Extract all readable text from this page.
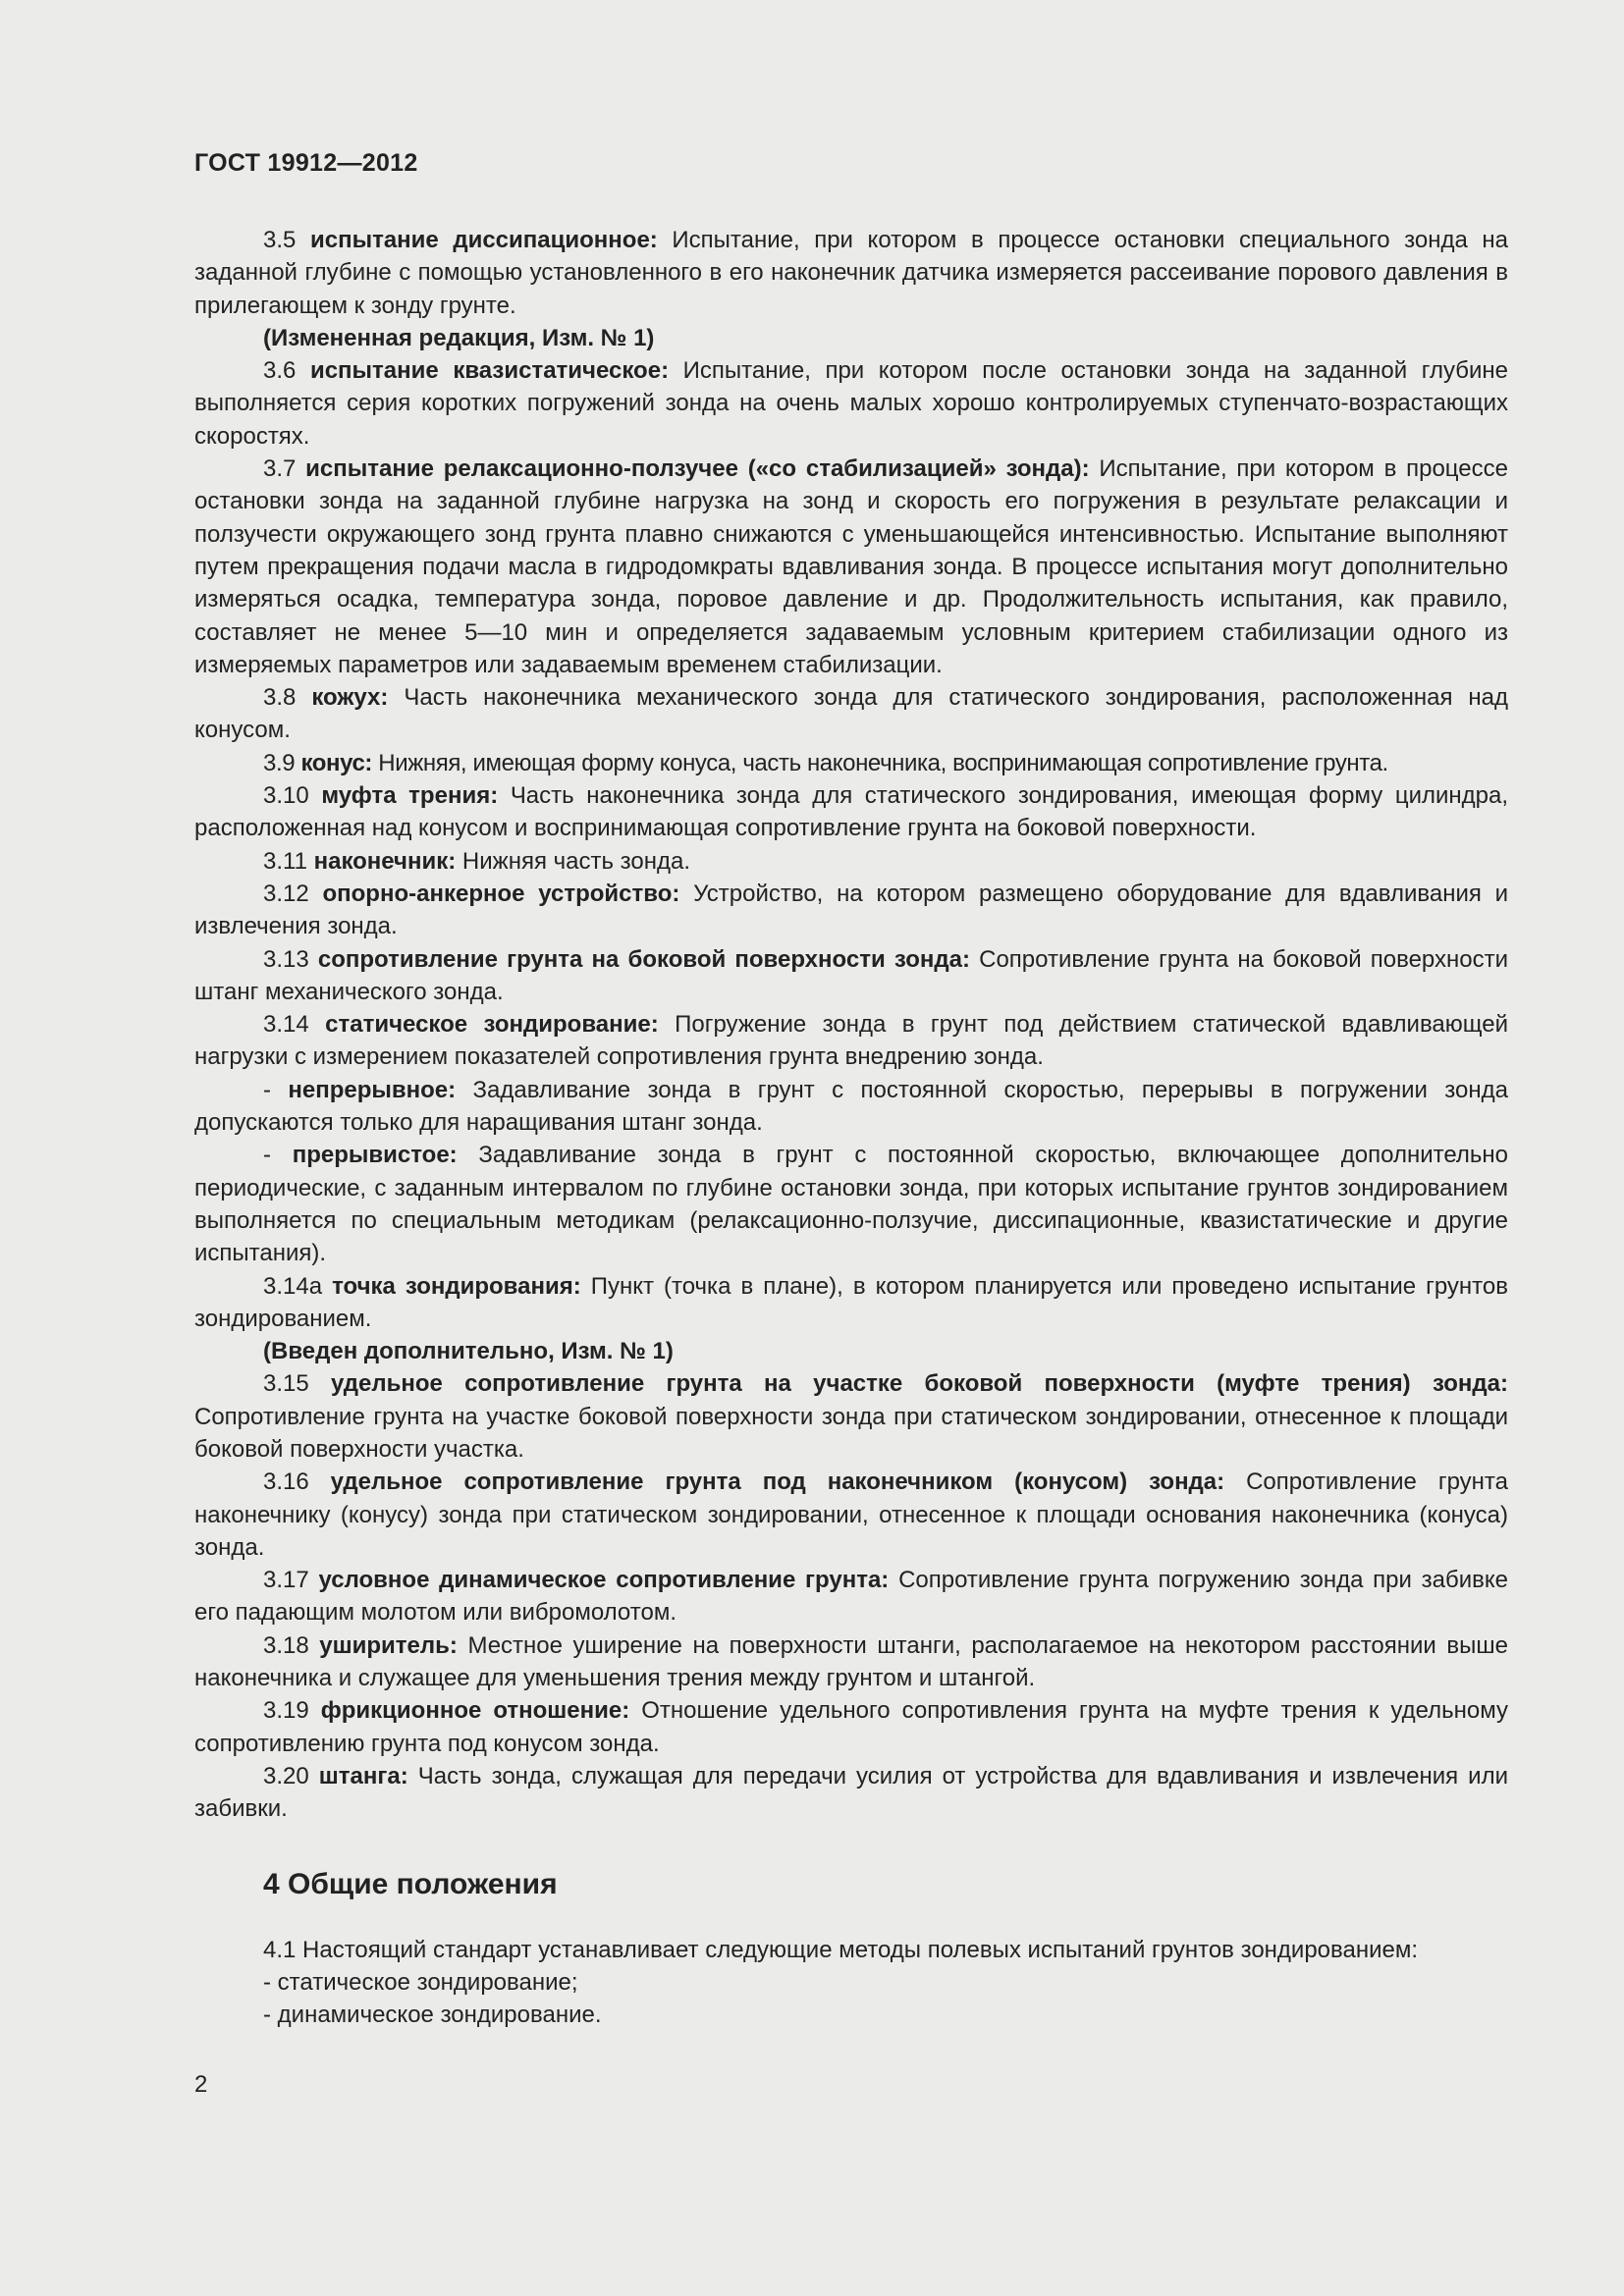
ГОСТ 19912—2012

3.5 испытание диссипационное: Испытание, при котором в процессе остановки специального зонда на заданной глубине с помощью установленного в его наконечник датчика измеряется рассеивание порового давления в прилегающем к зонду грунте.

(Измененная редакция, Изм. № 1)

3.6 испытание квазистатическое: Испытание, при котором после остановки зонда на заданной глубине выполняется серия коротких погружений зонда на очень малых хорошо контролируемых ступенчато-возрастающих скоростях.

3.7 испытание релаксационно-ползучее («со стабилизацией» зонда): Испытание, при котором в процессе остановки зонда на заданной глубине нагрузка на зонд и скорость его погружения в результате релаксации и ползучести окружающего зонд грунта плавно снижаются с уменьшающейся интенсивностью. Испытание выполняют путем прекращения подачи масла в гидродомкраты вдавливания зонда. В процессе испытания могут дополнительно измеряться осадка, температура зонда, поровое давление и др. Продолжительность испытания, как правило, составляет не менее 5—10 мин и определяется задаваемым условным критерием стабилизации одного из измеряемых параметров или задаваемым временем стабилизации.

3.8 кожух: Часть наконечника механического зонда для статического зондирования, расположенная над конусом.

3.9 конус: Нижняя, имеющая форму конуса, часть наконечника, воспринимающая сопротивление грунта.

3.10 муфта трения: Часть наконечника зонда для статического зондирования, имеющая форму цилиндра, расположенная над конусом и воспринимающая сопротивление грунта на боковой поверхности.

3.11 наконечник: Нижняя часть зонда.

3.12 опорно-анкерное устройство: Устройство, на котором размещено оборудование для вдавливания и извлечения зонда.

3.13 сопротивление грунта на боковой поверхности зонда: Сопротивление грунта на боковой поверхности штанг механического зонда.

3.14 статическое зондирование: Погружение зонда в грунт под действием статической вдавливающей нагрузки с измерением показателей сопротивления грунта внедрению зонда.

- непрерывное: Задавливание зонда в грунт с постоянной скоростью, перерывы в погружении зонда допускаются только для наращивания штанг зонда.

- прерывистое: Задавливание зонда в грунт с постоянной скоростью, включающее дополнительно периодические, с заданным интервалом по глубине остановки зонда, при которых испытание грунтов зондированием выполняется по специальным методикам (релаксационно-ползучие, диссипационные, квазистатические и другие испытания).

3.14а точка зондирования: Пункт (точка в плане), в котором планируется или проведено испытание грунтов зондированием.

(Введен дополнительно, Изм. № 1)

3.15 удельное сопротивление грунта на участке боковой поверхности (муфте трения) зонда: Сопротивление грунта на участке боковой поверхности зонда при статическом зондировании, отнесенное к площади боковой поверхности участка.

3.16 удельное сопротивление грунта под наконечником (конусом) зонда: Сопротивление грунта наконечнику (конусу) зонда при статическом зондировании, отнесенное к площади основания наконечника (конуса) зонда.

3.17 условное динамическое сопротивление грунта: Сопротивление грунта погружению зонда при забивке его падающим молотом или вибромолотом.

3.18 уширитель: Местное уширение на поверхности штанги, располагаемое на некотором расстоянии выше наконечника и служащее для уменьшения трения между грунтом и штангой.

3.19 фрикционное отношение: Отношение удельного сопротивления грунта на муфте трения к удельному сопротивлению грунта под конусом зонда.

3.20 штанга: Часть зонда, служащая для передачи усилия от устройства для вдавливания и извлечения или забивки.

4 Общие положения

4.1 Настоящий стандарт устанавливает следующие методы полевых испытаний грунтов зондированием:

- статическое зондирование;

- динамическое зондирование.

2
